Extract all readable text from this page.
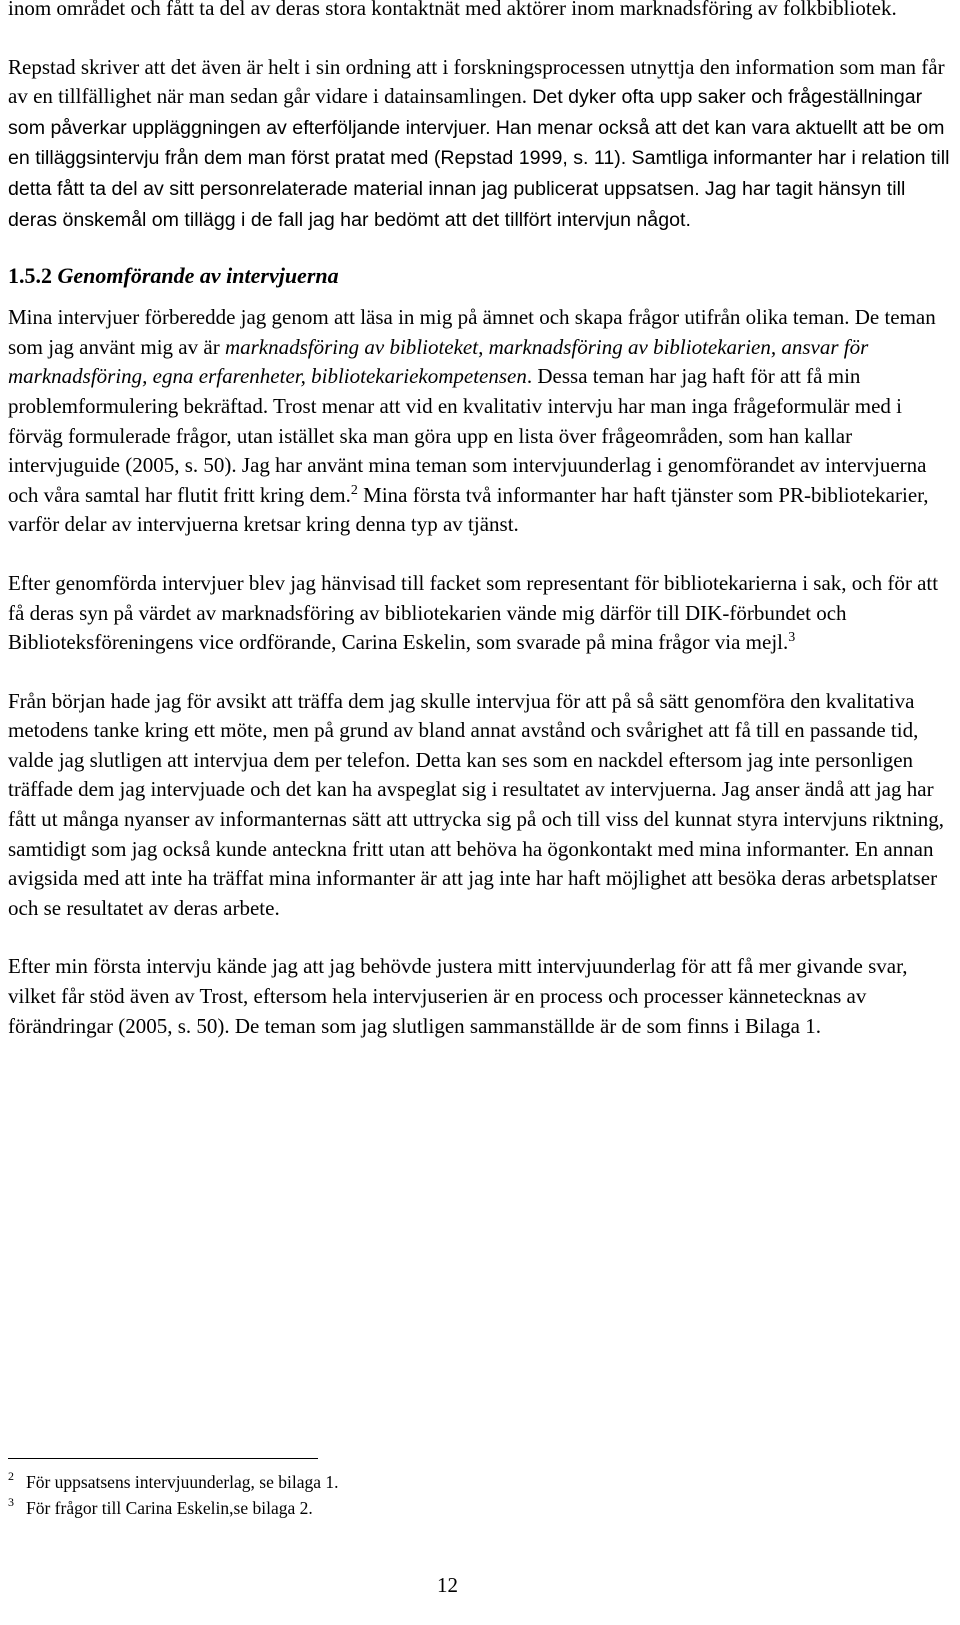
inom området och fått ta del av deras stora kontaktnät med aktörer inom marknadsföring av folkbibliotek.

Repstad skriver att det även är helt i sin ordning att i forskningsprocessen utnyttja den information som man får av en tillfällighet när man sedan går vidare i datainsamlingen. Det dyker ofta upp saker och frågeställningar som påverkar uppläggningen av efterföljande intervjuer. Han menar också att det kan vara aktuellt att be om en tilläggsintervju från dem man först pratat med (Repstad 1999, s. 11). Samtliga informanter har i relation till detta fått ta del av sitt personrelaterade material innan jag publicerat uppsatsen. Jag har tagit hänsyn till deras önskemål om tillägg i de fall jag har bedömt att det tillfört intervjun något.

1.5.2 Genomförande av intervjuerna

Mina intervjuer förberedde jag genom att läsa in mig på ämnet och skapa frågor utifrån olika teman. De teman som jag använt mig av är marknadsföring av biblioteket, marknadsföring av bibliotekarien, ansvar för marknadsföring, egna erfarenheter, bibliotekariekompetensen. Dessa teman har jag haft för att få min problemformulering bekräftad. Trost menar att vid en kvalitativ intervju har man inga frågeformulär med i förväg formulerade frågor, utan istället ska man göra upp en lista över frågeområden, som han kallar intervjuguide (2005, s. 50). Jag har använt mina teman som intervjuunderlag i genomförandet av intervjuerna och våra samtal har flutit fritt kring dem.$^2$ Mina första två informanter har haft tjänster som PR-bibliotekarier, varför delar av intervjuerna kretsar kring denna typ av tjänst.

Efter genomförda intervjuer blev jag hänvisad till facket som representant för bibliotekarierna i sak, och för att få deras syn på värdet av marknadsföring av bibliotekarien vände mig därför till DIK-förbundet och Biblioteksföreningens vice ordförande, Carina Eskelin, som svarade på mina frågor via mejl.$^3$

Från början hade jag för avsikt att träffa dem jag skulle intervjua för att på så sätt genomföra den kvalitativa metodens tanke kring ett möte, men på grund av bland annat avstånd och svårighet att få till en passande tid, valde jag slutligen att intervjua dem per telefon. Detta kan ses som en nackdel eftersom jag inte personligen träffade dem jag intervjuade och det kan ha avspeglat sig i resultatet av intervjuerna. Jag anser ändå att jag har fått ut många nyanser av informanternas sätt att uttrycka sig på och till viss del kunnat styra intervjuns riktning, samtidigt som jag också kunde anteckna fritt utan att behöva ha ögonkontakt med mina informanter. En annan avigsida med att inte ha träffat mina informanter är att jag inte har haft möjlighet att besöka deras arbetsplatser och se resultatet av deras arbete.

Efter min första intervju kände jag att jag behövde justera mitt intervjuunderlag för att få mer givande svar, vilket får stöd även av Trost, eftersom hela intervjuserien är en process och processer kännetecknas av förändringar (2005, s. 50). De teman som jag slutligen sammanställde är de som finns i Bilaga 1.

2 För uppsatsens intervjuunderlag, se bilaga 1.
3 För frågor till Carina Eskelin,se bilaga 2.
12
